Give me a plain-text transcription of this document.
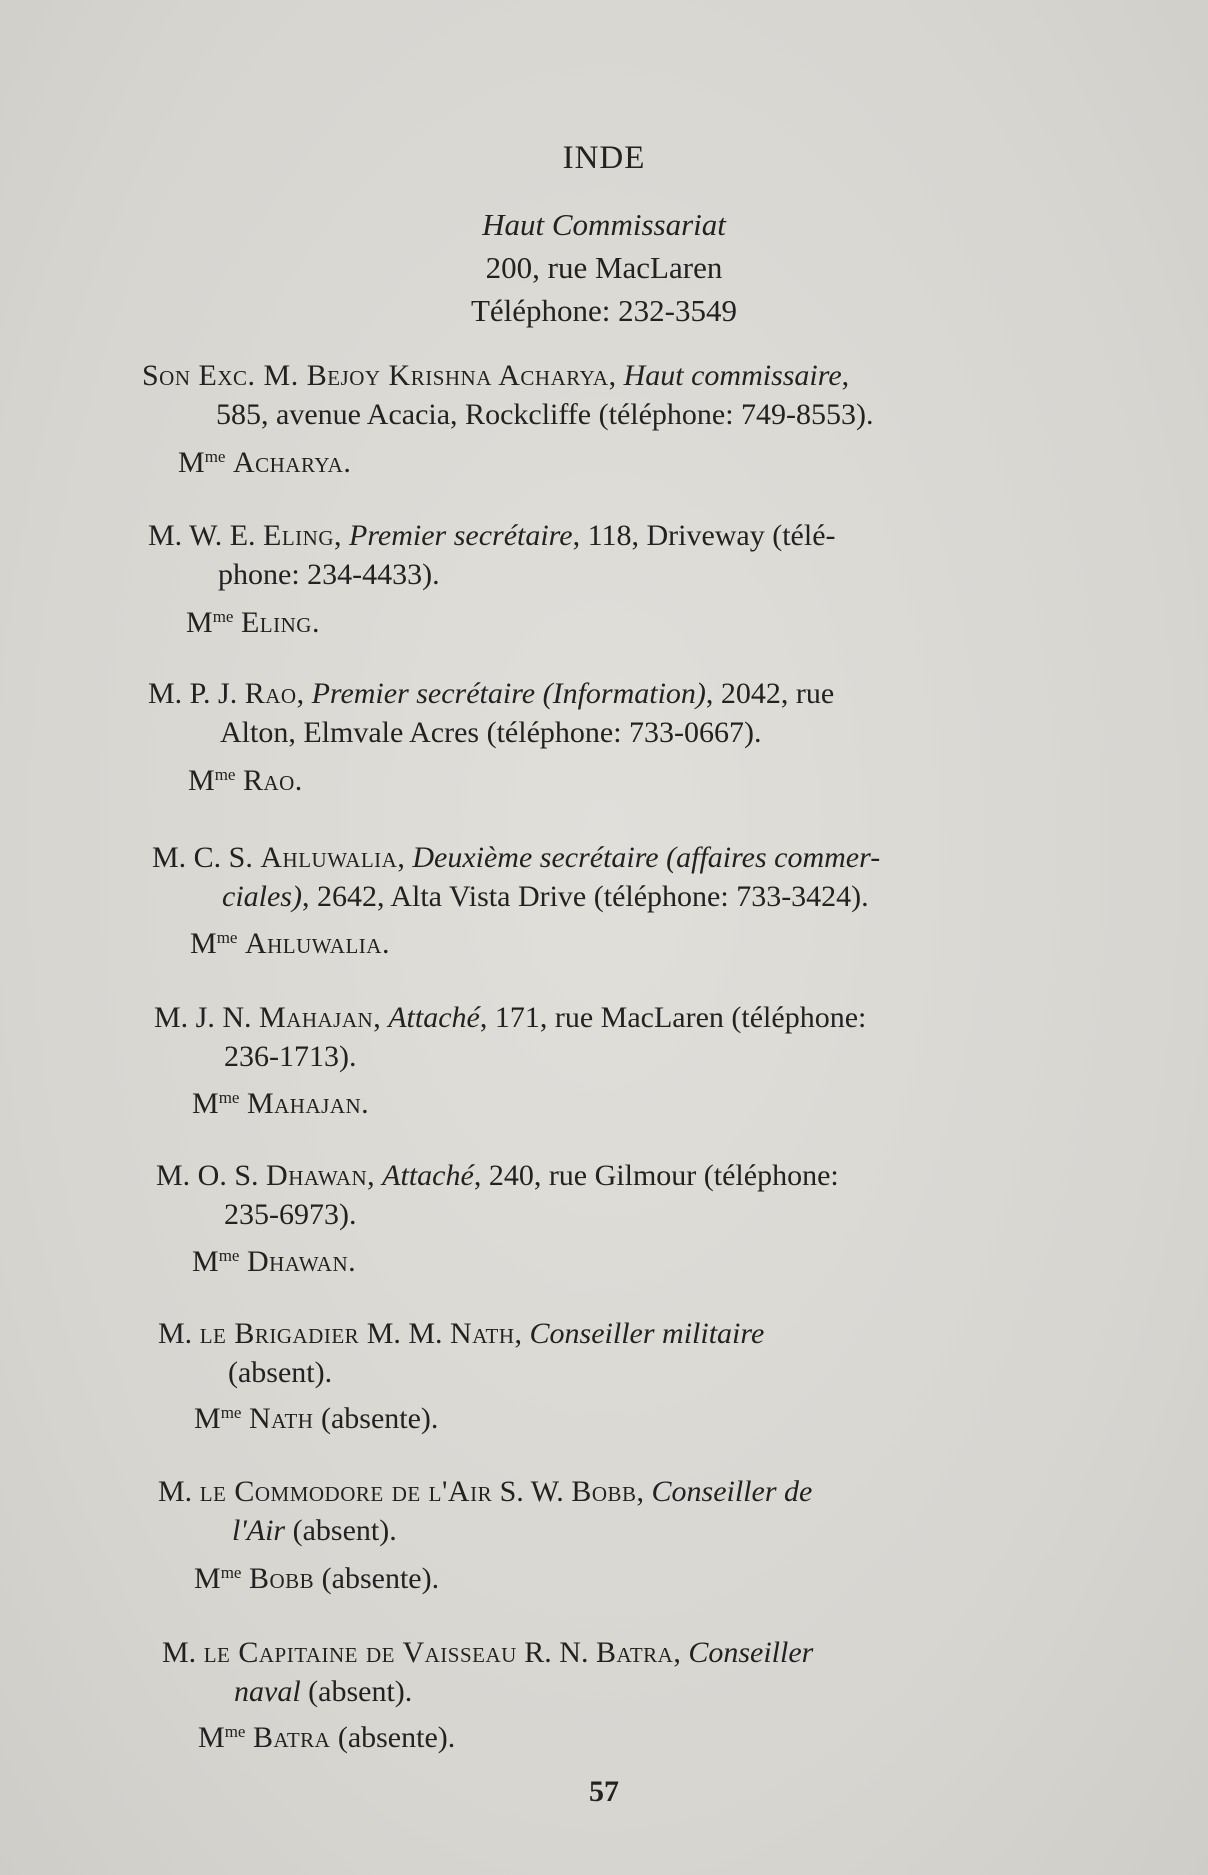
INDE
Haut Commissariat
200, rue MacLaren
Téléphone: 232-3549
Son Exc. M. Bejoy Krishna Acharya, Haut commissaire,
585, avenue Acacia, Rockcliffe (téléphone: 749-8553).
$M^{me}$ Acharya.
M. W. E. Eling, Premier secrétaire, 118, Driveway (télé-
phone: 234-4433).
$M^{me}$ Eling.
M. P. J. Rao, Premier secrétaire (Information), 2042, rue
Alton, Elmvale Acres (téléphone: 733-0667).
$M^{me}$ Rao.
M. C. S. Ahluwalia, Deuxième secrétaire (affaires commer-
ciales), 2642, Alta Vista Drive (téléphone: 733-3424).
$M^{me}$ Ahluwalia.
M. J. N. Mahajan, Attaché, 171, rue MacLaren (téléphone:
236-1713).
$M^{me}$ Mahajan.
M. O. S. Dhawan, Attaché, 240, rue Gilmour (téléphone:
235-6973).
$M^{me}$ Dhawan.
M. le Brigadier M. M. Nath, Conseiller militaire
(absent).
$M^{me}$ Nath (absente).
M. le Commodore de l'Air S. W. Bobb, Conseiller de
l'Air (absent).
$M^{me}$ Bobb (absente).
M. le Capitaine de Vaisseau R. N. Batra, Conseiller
naval (absent).
$M^{me}$ Batra (absente).
57
